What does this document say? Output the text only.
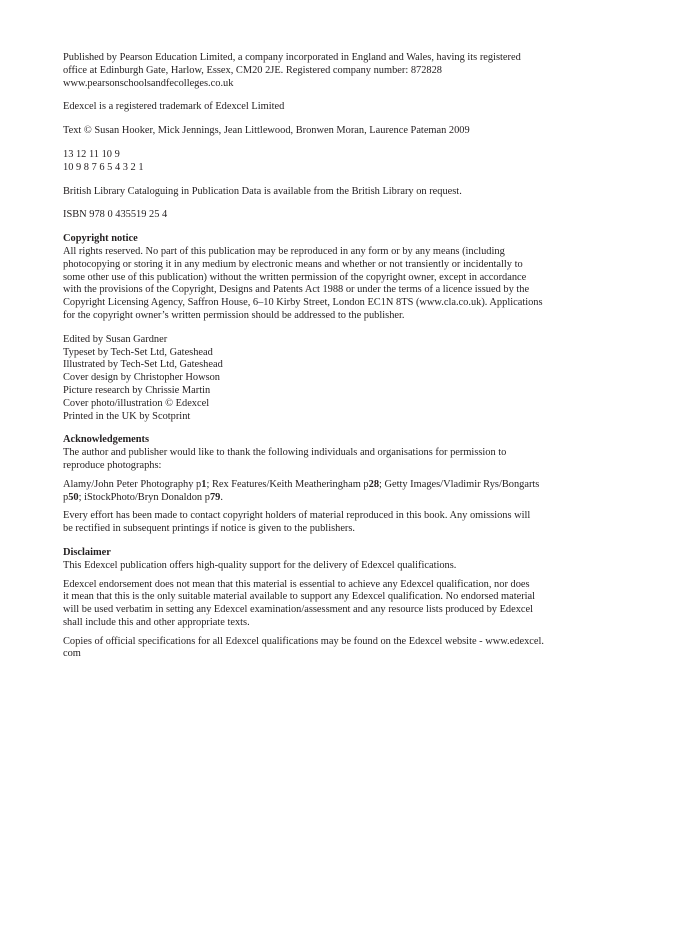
Published by Pearson Education Limited, a company incorporated in England and Wales, having its registered
office at Edinburgh Gate, Harlow, Essex, CM20 2JE. Registered company number: 872828
www.pearsonschoolsandfecolleges.co.uk

Edexcel is a registered trademark of Edexcel Limited

Text © Susan Hooker, Mick Jennings, Jean Littlewood, Bronwen Moran, Laurence Pateman 2009

13 12 11 10 9
10 9 8 7 6 5 4 3 2 1

British Library Cataloguing in Publication Data is available from the British Library on request.

ISBN 978 0 435519 25 4

Copyright notice

All rights reserved. No part of this publication may be reproduced in any form or by any means (including
photocopying or storing it in any medium by electronic means and whether or not transiently or incidentally to
some other use of this publication) without the written permission of the copyright owner, except in accordance
with the provisions of the Copyright, Designs and Patents Act 1988 or under the terms of a licence issued by the
Copyright Licensing Agency, Saffron House, 6–10 Kirby Street, London EC1N 8TS (www.cla.co.uk). Applications
for the copyright owner’s written permission should be addressed to the publisher.

Edited by Susan Gardner
Typeset by Tech-Set Ltd, Gateshead
Illustrated by Tech-Set Ltd, Gateshead
Cover design by Christopher Howson
Picture research by Chrissie Martin
Cover photo/illustration © Edexcel
Printed in the UK by Scotprint

Acknowledgements

The author and publisher would like to thank the following individuals and organisations for permission to
reproduce photographs:

Alamy/John Peter Photography p1; Rex Features/Keith Meatheringham p28; Getty Images/Vladimir Rys/Bongarts
p50; iStockPhoto/Bryn Donaldon p79.

Every effort has been made to contact copyright holders of material reproduced in this book. Any omissions will
be rectified in subsequent printings if notice is given to the publishers.

Disclaimer

This Edexcel publication offers high-quality support for the delivery of Edexcel qualifications.

Edexcel endorsement does not mean that this material is essential to achieve any Edexcel qualification, nor does
it mean that this is the only suitable material available to support any Edexcel qualification. No endorsed material
will be used verbatim in setting any Edexcel examination/assessment and any resource lists produced by Edexcel
shall include this and other appropriate texts.

Copies of official specifications for all Edexcel qualifications may be found on the Edexcel website - www.edexcel.
com
